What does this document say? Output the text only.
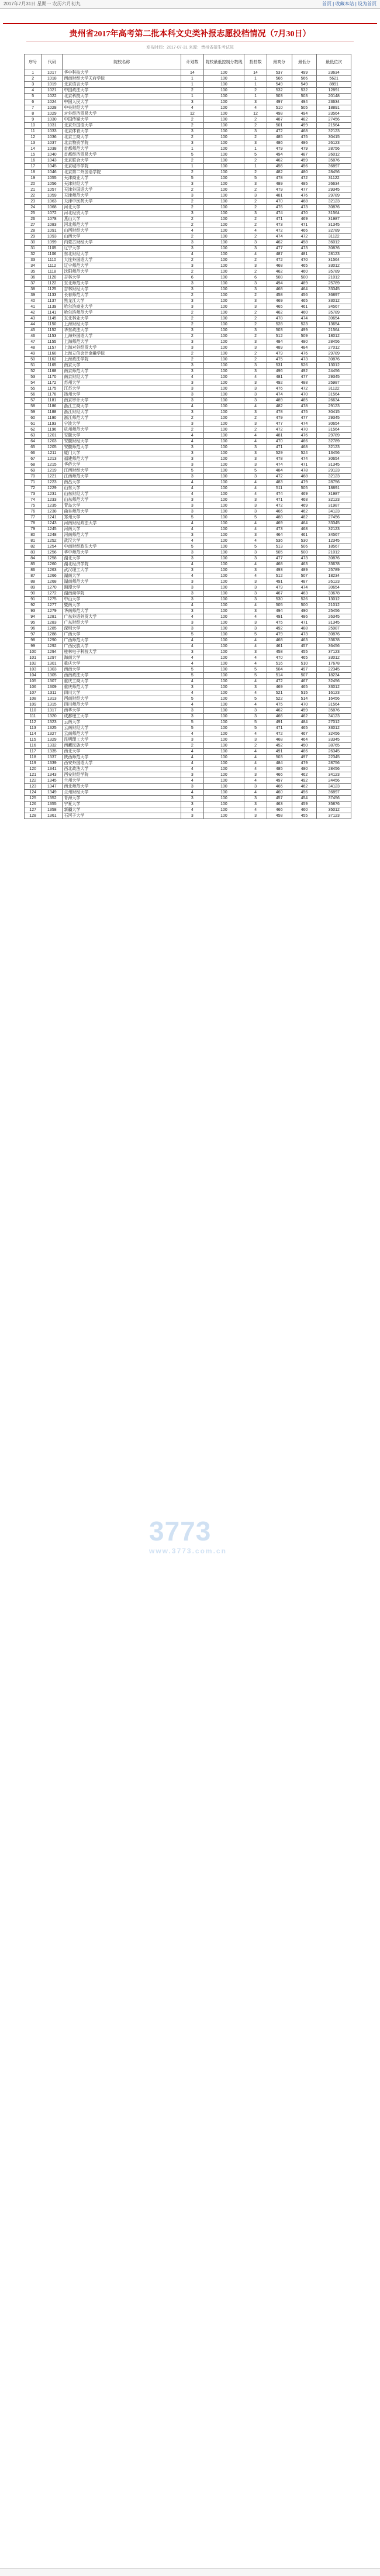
2017年7月31日 星期一 农历六月初九	首页 | 收藏本站 | 设为首页
贵州省2017年高考第二批本科文史类补报志愿投档情况（7月30日）
发布时间：2017-07-31 来源：贵州省招生考试院
序号	代码	院校名称	计划数	院校最低控制分数线	投档数	最高分	最低分	最低位次
1	1017	华中科技大学	14	100	14	537	499	23634
2	1018	西南财经大学天府学院	1	100	1	566	566	5621
3	1019	北京语言大学	1	100	1	549	549	8891
4	1021	中国政法大学	2	100	2	532	532	12891
5	1022	北京科技大学	1	100	1	503	503	20148
6	1024	中国人民大学	3	100	3	497	494	23634
7	1028	中央财经大学	4	100	4	510	505	18891
8	1029	对外经济贸易大学	12	100	12	498	494	23564
9	1030	中国传媒大学	2	100	2	487	482	27456
10	1031	北京外国语大学	2	100	2	501	499	21564
11	1033	北京体育大学	3	100	3	472	468	32123
12	1036	北京工商大学	2	100	2	485	475	30415
13	1037	北京物资学院	3	100	3	486	486	26123
14	1038	首都师范大学	1	100	1	479	479	28756
15	1040	首都经济贸易大学	5	100	5	494	487	26012
16	1043	北京联合大学	2	100	2	462	459	35876
17	1045	北京城市学院	1	100	1	456	456	36897
18	1046	北京第二外国语学院	2	100	2	482	480	28456
19	1055	天津商业大学	5	100	5	478	472	31122
20	1056	天津财经大学	3	100	3	489	485	26634
21	1057	天津外国语大学	2	100	2	479	477	29345
22	1059	天津师范大学	3	100	3	481	476	29789
23	1063	天津中医药大学	2	100	2	470	468	32123
24	1068	河北大学	2	100	2	476	473	30876
25	1072	河北经贸大学	3	100	3	474	470	31564
26	1078	燕山大学	2	100	2	471	469	31987
27	1083	河北师范大学	2	100	2	473	471	31345
28	1091	山西财经大学	4	100	4	472	466	32789
29	1093	山西大学	2	100	2	474	472	31122
30	1099	内蒙古财经大学	3	100	3	462	458	36012
31	1105	辽宁大学	3	100	3	477	473	30876
32	1106	东北财经大学	4	100	4	487	481	28123
33	1110	大连外国语大学	2	100	2	472	470	31564
34	1112	辽宁师范大学	3	100	3	468	465	33012
35	1118	沈阳师范大学	2	100	2	462	460	35789
36	1120	吉林大学	6	100	6	508	500	21012
37	1122	东北师范大学	3	100	3	494	489	25789
38	1125	吉林财经大学	3	100	3	468	464	33345
39	1133	长春师范大学	2	100	2	458	456	36897
40	1137	黑龙江大学	3	100	3	469	465	33012
41	1139	哈尔滨商业大学	3	100	3	465	461	34567
42	1141	哈尔滨师范大学	2	100	2	462	460	35789
43	1145	东北林业大学	2	100	2	478	474	30654
44	1150	上海财经大学	2	100	2	528	523	13654
45	1152	华东政法大学	3	100	3	503	499	21564
46	1153	上海外国语大学	2	100	2	512	509	18012
47	1155	上海师范大学	3	100	3	484	480	28456
48	1157	上海对外经贸大学	3	100	3	489	484	27012
49	1160	上海立信会计金融学院	2	100	2	479	476	29789
50	1162	上海政法学院	2	100	2	475	473	30876
51	1165	南京大学	3	100	3	531	526	13012
52	1168	南京师范大学	3	100	3	496	492	24456
53	1170	南京财经大学	4	100	4	481	477	29345
54	1172	苏州大学	3	100	3	492	488	25987
55	1175	江苏大学	3	100	3	476	472	31122
56	1178	扬州大学	3	100	3	474	470	31564
57	1181	南京审计大学	3	100	3	489	485	26634
58	1186	浙江工商大学	4	100	4	482	478	29123
59	1188	浙江财经大学	3	100	3	478	475	30415
60	1190	浙江师范大学	2	100	2	479	477	29345
61	1193	宁波大学	3	100	3	477	474	30654
62	1196	杭州师范大学	2	100	2	472	470	31564
63	1201	安徽大学	4	100	4	481	476	29789
64	1203	安徽财经大学	4	100	4	470	466	32789
65	1205	安徽师范大学	3	100	3	471	468	32123
66	1211	厦门大学	3	100	3	529	524	13456
67	1213	福建师范大学	3	100	3	478	474	30654
68	1215	华侨大学	3	100	3	474	471	31345
69	1219	江西财经大学	5	100	5	484	478	29123
70	1221	江西师范大学	3	100	3	472	468	32123
71	1223	南昌大学	4	100	4	483	479	28756
72	1229	山东大学	4	100	4	511	505	18891
73	1231	山东财经大学	4	100	4	474	469	31987
74	1233	山东师范大学	3	100	3	471	468	32123
75	1235	青岛大学	3	100	3	472	469	31987
76	1238	曲阜师范大学	3	100	3	466	462	34123
77	1241	郑州大学	5	100	5	488	482	27456
78	1243	河南财经政法大学	4	100	4	469	464	33345
79	1245	河南大学	4	100	4	473	468	32123
80	1248	河南师范大学	3	100	3	464	461	34567
81	1252	武汉大学	4	100	4	536	530	12345
82	1254	中南财经政法大学	5	100	5	513	506	18567
83	1256	华中师范大学	3	100	3	505	500	21012
84	1258	湖北大学	3	100	3	477	473	30876
85	1260	湖北经济学院	4	100	4	468	463	33678
86	1263	武汉理工大学	3	100	3	493	489	25789
87	1266	湖南大学	4	100	4	512	507	18234
88	1268	湖南师范大学	3	100	3	491	487	26123
89	1270	湘潭大学	3	100	3	479	474	30654
90	1272	湖南商学院	3	100	3	467	463	33678
91	1275	中山大学	3	100	3	530	526	13012
92	1277	暨南大学	4	100	4	505	500	21012
93	1279	华南师范大学	3	100	3	494	490	25456
94	1281	广东外语外贸大学	4	100	4	491	486	26345
95	1283	广东财经大学	3	100	3	475	471	31345
96	1285	深圳大学	3	100	3	492	488	25987
97	1288	广西大学	5	100	5	479	473	30876
98	1290	广西师范大学	4	100	4	468	463	33678
99	1292	广西民族大学	4	100	4	461	457	36456
100	1294	桂林电子科技大学	3	100	3	458	455	37123
101	1297	海南大学	4	100	4	470	465	33012
102	1301	重庆大学	4	100	4	516	510	17678
103	1303	西南大学	5	100	5	504	497	22345
104	1305	西南政法大学	5	100	5	514	507	18234
105	1307	重庆工商大学	4	100	4	472	467	32456
106	1309	重庆师范大学	3	100	3	469	465	33012
107	1311	四川大学	4	100	4	521	515	16123
108	1313	西南财经大学	5	100	5	522	514	16456
109	1315	四川师范大学	4	100	4	475	470	31564
110	1317	西华大学	3	100	3	462	459	35876
111	1320	成都理工大学	3	100	3	466	462	34123
112	1323	云南大学	5	100	5	491	484	27012
113	1325	云南财经大学	5	100	5	471	465	33012
114	1327	云南师范大学	4	100	4	472	467	32456
115	1329	昆明理工大学	3	100	3	468	464	33345
116	1332	西藏民族大学	2	100	2	452	450	38765
117	1335	西北大学	4	100	4	491	486	26345
118	1337	陕西师范大学	4	100	4	503	497	22345
119	1339	西安外国语大学	4	100	4	484	479	28756
120	1341	西北政法大学	4	100	4	485	480	28456
121	1343	西安财经学院	3	100	3	466	462	34123
122	1345	兰州大学	4	100	4	497	492	24456
123	1347	西北师范大学	3	100	3	466	462	34123
124	1349	兰州财经大学	4	100	4	460	456	36897
125	1352	青海大学	3	100	3	457	454	37456
126	1355	宁夏大学	3	100	3	463	459	35876
127	1358	新疆大学	4	100	4	466	460	35012
128	1361	石河子大学	3	100	3	458	455	37123
3773
www.3773.com.cn
